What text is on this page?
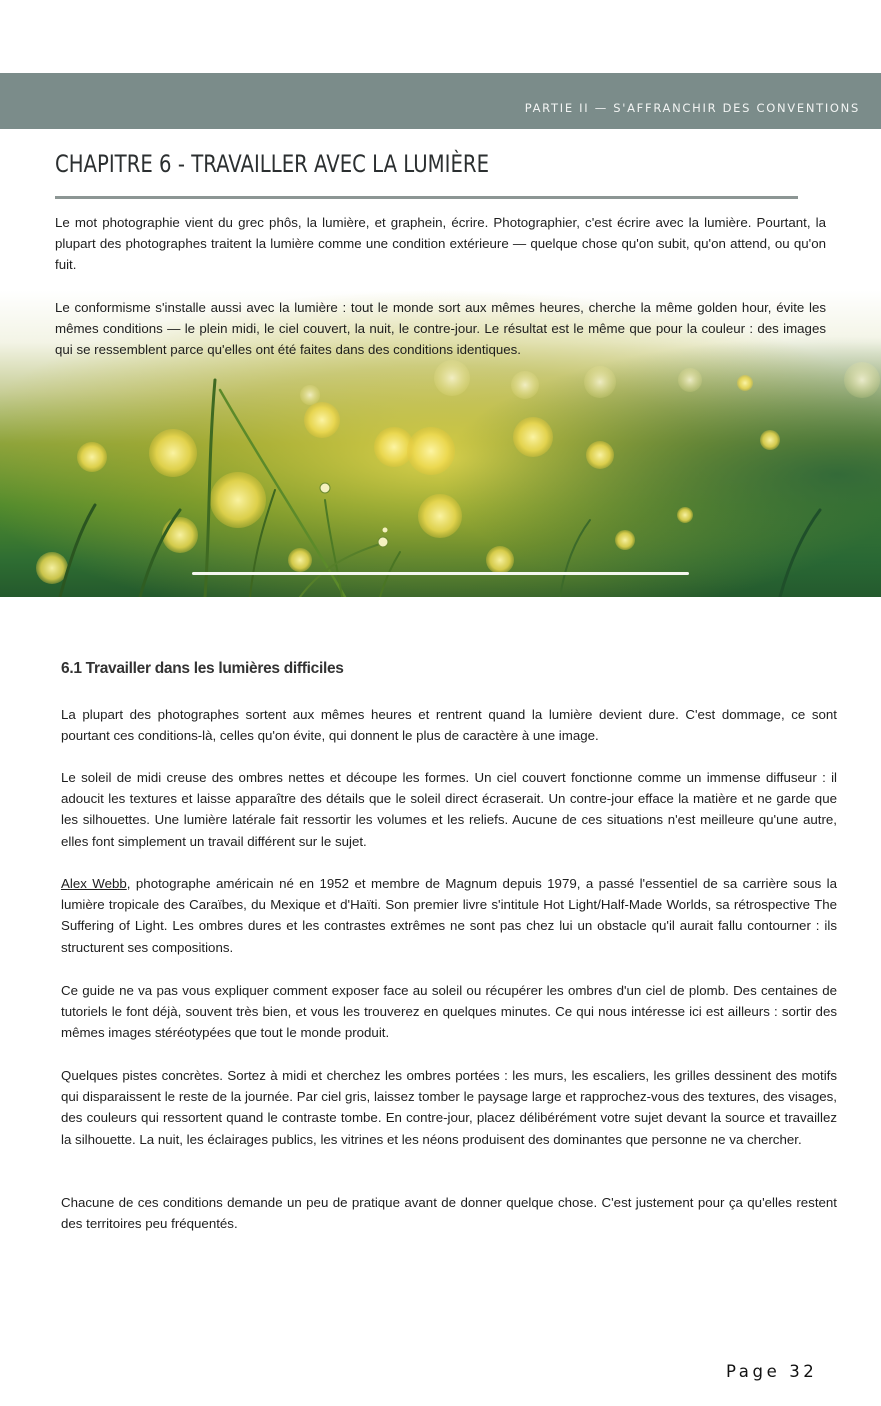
PARTIE II — S'AFFRANCHIR DES CONVENTIONS
CHAPITRE 6 - TRAVAILLER AVEC LA LUMIÈRE

Le mot photographie vient du grec phôs, la lumière, et graphein, écrire. Photographier, c'est écrire avec la lumière. Pourtant, la plupart des photographes traitent la lumière comme une condition extérieure — quelque chose qu'on subit, qu'on attend, ou qu'on fuit.

Le conformisme s'installe aussi avec la lumière : tout le monde sort aux mêmes heures, cherche la même golden hour, évite les mêmes conditions — le plein midi, le ciel couvert, la nuit, le contre-jour. Le résultat est le même que pour la couleur : des images qui se ressemblent parce qu'elles ont été faites dans des conditions identiques.

6.1 Travailler dans les lumières difficiles

La plupart des photographes sortent aux mêmes heures et rentrent quand la lumière devient dure. C'est dommage, ce sont pourtant ces conditions-là, celles qu'on évite, qui donnent le plus de caractère à une image.

Le soleil de midi creuse des ombres nettes et découpe les formes. Un ciel couvert fonctionne comme un immense diffuseur : il adoucit les textures et laisse apparaître des détails que le soleil direct écraserait. Un contre-jour efface la matière et ne garde que les silhouettes. Une lumière latérale fait ressortir les volumes et les reliefs. Aucune de ces situations n'est meilleure qu'une autre, elles font simplement un travail différent sur le sujet.

Alex Webb, photographe américain né en 1952 et membre de Magnum depuis 1979, a passé l'essentiel de sa carrière sous la lumière tropicale des Caraïbes, du Mexique et d'Haïti. Son premier livre s'intitule Hot Light/Half-Made Worlds, sa rétrospective The Suffering of Light. Les ombres dures et les contrastes extrêmes ne sont pas chez lui un obstacle qu'il aurait fallu contourner : ils structurent ses compositions.

Ce guide ne va pas vous expliquer comment exposer face au soleil ou récupérer les ombres d'un ciel de plomb. Des centaines de tutoriels le font déjà, souvent très bien, et vous les trouverez en quelques minutes. Ce qui nous intéresse ici est ailleurs : sortir des mêmes images stéréotypées que tout le monde produit.

Quelques pistes concrètes. Sortez à midi et cherchez les ombres portées : les murs, les escaliers, les grilles dessinent des motifs qui disparaissent le reste de la journée. Par ciel gris, laissez tomber le paysage large et rapprochez-vous des textures, des visages, des couleurs qui ressortent quand le contraste tombe. En contre-jour, placez délibérément votre sujet devant la source et travaillez la silhouette. La nuit, les éclairages publics, les vitrines et les néons produisent des dominantes que personne ne va chercher.

Chacune de ces conditions demande un peu de pratique avant de donner quelque chose. C'est justement pour ça qu'elles restent des territoires peu fréquentés.

Page 32
